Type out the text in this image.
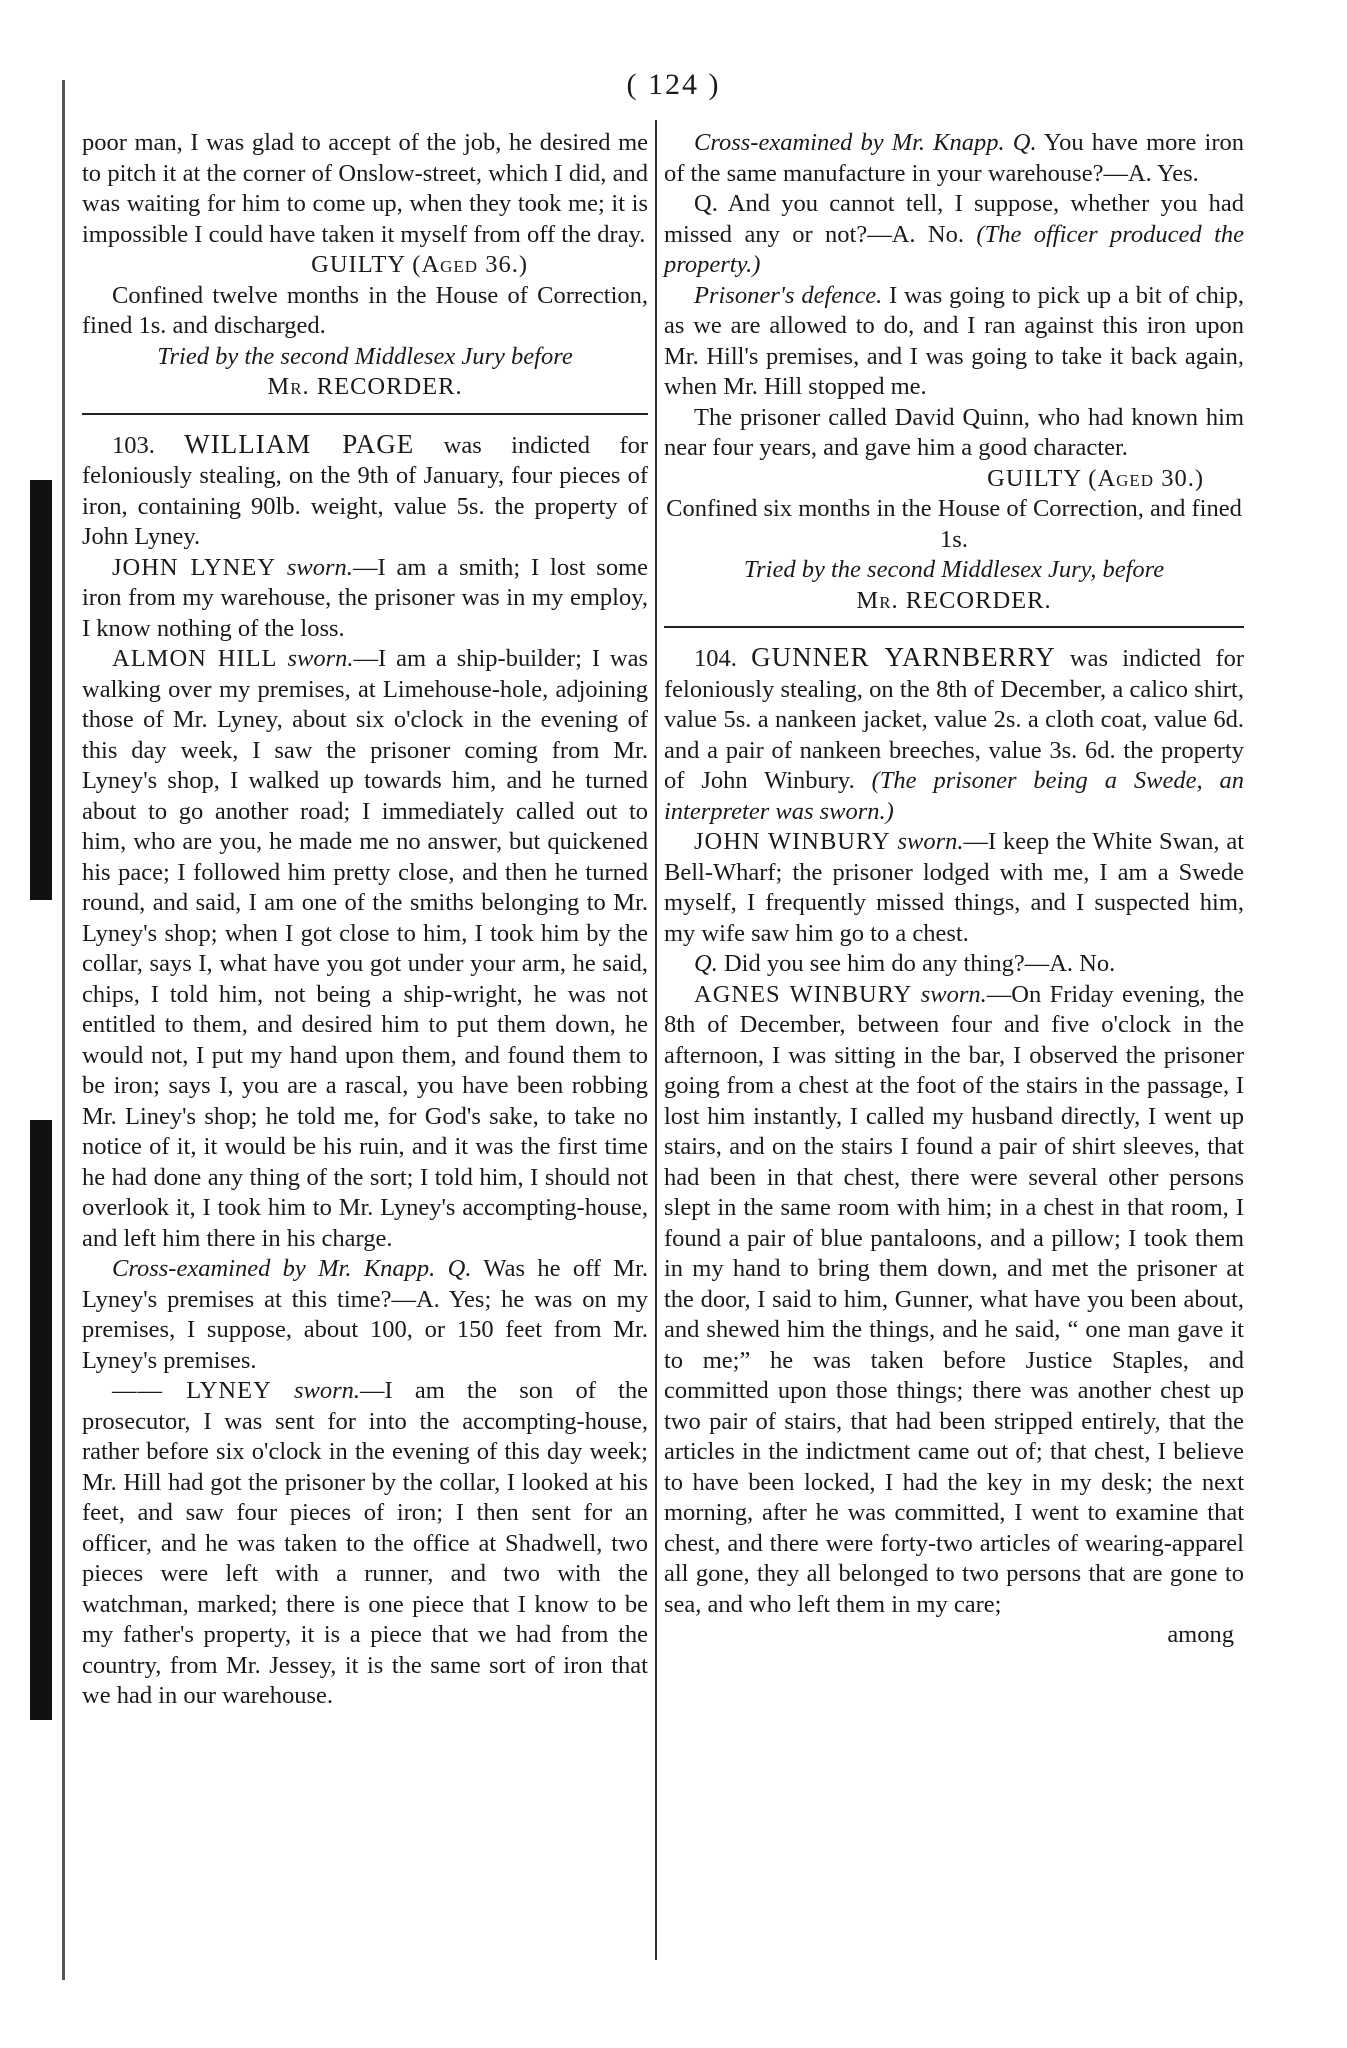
( 124 )

poor man, I was glad to accept of the job, he desired me to pitch it at the corner of Onslow-street, which I did, and was waiting for him to come up, when they took me; it is impossible I could have taken it myself from off the dray.

GUILTY (Aged 36.)

Confined twelve months in the House of Correction, fined 1s. and discharged.

Tried by the second Middlesex Jury before

Mr. RECORDER.

103. WILLIAM PAGE was indicted for feloniously stealing, on the 9th of January, four pieces of iron, containing 90lb. weight, value 5s. the property of John Lyney.

JOHN LYNEY sworn.—I am a smith; I lost some iron from my warehouse, the prisoner was in my employ, I know nothing of the loss.

ALMON HILL sworn.—I am a ship-builder; I was walking over my premises, at Limehouse-hole, adjoining those of Mr. Lyney, about six o'clock in the evening of this day week, I saw the prisoner coming from Mr. Lyney's shop, I walked up towards him, and he turned about to go another road; I immediately called out to him, who are you, he made me no answer, but quickened his pace; I followed him pretty close, and then he turned round, and said, I am one of the smiths belonging to Mr. Lyney's shop; when I got close to him, I took him by the collar, says I, what have you got under your arm, he said, chips, I told him, not being a ship-wright, he was not entitled to them, and desired him to put them down, he would not, I put my hand upon them, and found them to be iron; says I, you are a rascal, you have been robbing Mr. Liney's shop; he told me, for God's sake, to take no notice of it, it would be his ruin, and it was the first time he had done any thing of the sort; I told him, I should not overlook it, I took him to Mr. Lyney's accompting-house, and left him there in his charge.

Cross-examined by Mr. Knapp. Q. Was he off Mr. Lyney's premises at this time?—A. Yes; he was on my premises, I suppose, about 100, or 150 feet from Mr. Lyney's premises.

—— LYNEY sworn.—I am the son of the prosecutor, I was sent for into the accompting-house, rather before six o'clock in the evening of this day week; Mr. Hill had got the prisoner by the collar, I looked at his feet, and saw four pieces of iron; I then sent for an officer, and he was taken to the office at Shadwell, two pieces were left with a runner, and two with the watchman, marked; there is one piece that I know to be my father's property, it is a piece that we had from the country, from Mr. Jessey, it is the same sort of iron that we had in our warehouse.

Cross-examined by Mr. Knapp. Q. You have more iron of the same manufacture in your warehouse?—A. Yes.

Q. And you cannot tell, I suppose, whether you had missed any or not?—A. No. (The officer produced the property.)

Prisoner's defence. I was going to pick up a bit of chip, as we are allowed to do, and I ran against this iron upon Mr. Hill's premises, and I was going to take it back again, when Mr. Hill stopped me.

The prisoner called David Quinn, who had known him near four years, and gave him a good character.

GUILTY (Aged 30.)

Confined six months in the House of Correction, and fined 1s.

Tried by the second Middlesex Jury, before

Mr. RECORDER.

104. GUNNER YARNBERRY was indicted for feloniously stealing, on the 8th of December, a calico shirt, value 5s. a nankeen jacket, value 2s. a cloth coat, value 6d. and a pair of nankeen breeches, value 3s. 6d. the property of John Winbury. (The prisoner being a Swede, an interpreter was sworn.)

JOHN WINBURY sworn.—I keep the White Swan, at Bell-Wharf; the prisoner lodged with me, I am a Swede myself, I frequently missed things, and I suspected him, my wife saw him go to a chest.

Q. Did you see him do any thing?—A. No.

AGNES WINBURY sworn.—On Friday evening, the 8th of December, between four and five o'clock in the afternoon, I was sitting in the bar, I observed the prisoner going from a chest at the foot of the stairs in the passage, I lost him instantly, I called my husband directly, I went up stairs, and on the stairs I found a pair of shirt sleeves, that had been in that chest, there were several other persons slept in the same room with him; in a chest in that room, I found a pair of blue pantaloons, and a pillow; I took them in my hand to bring them down, and met the prisoner at the door, I said to him, Gunner, what have you been about, and shewed him the things, and he said, “ one man gave it to me;” he was taken before Justice Staples, and committed upon those things; there was another chest up two pair of stairs, that had been stripped entirely, that the articles in the indictment came out of; that chest, I believe to have been locked, I had the key in my desk; the next morning, after he was committed, I went to examine that chest, and there were forty-two articles of wearing-apparel all gone, they all belonged to two persons that are gone to sea, and who left them in my care;

among
